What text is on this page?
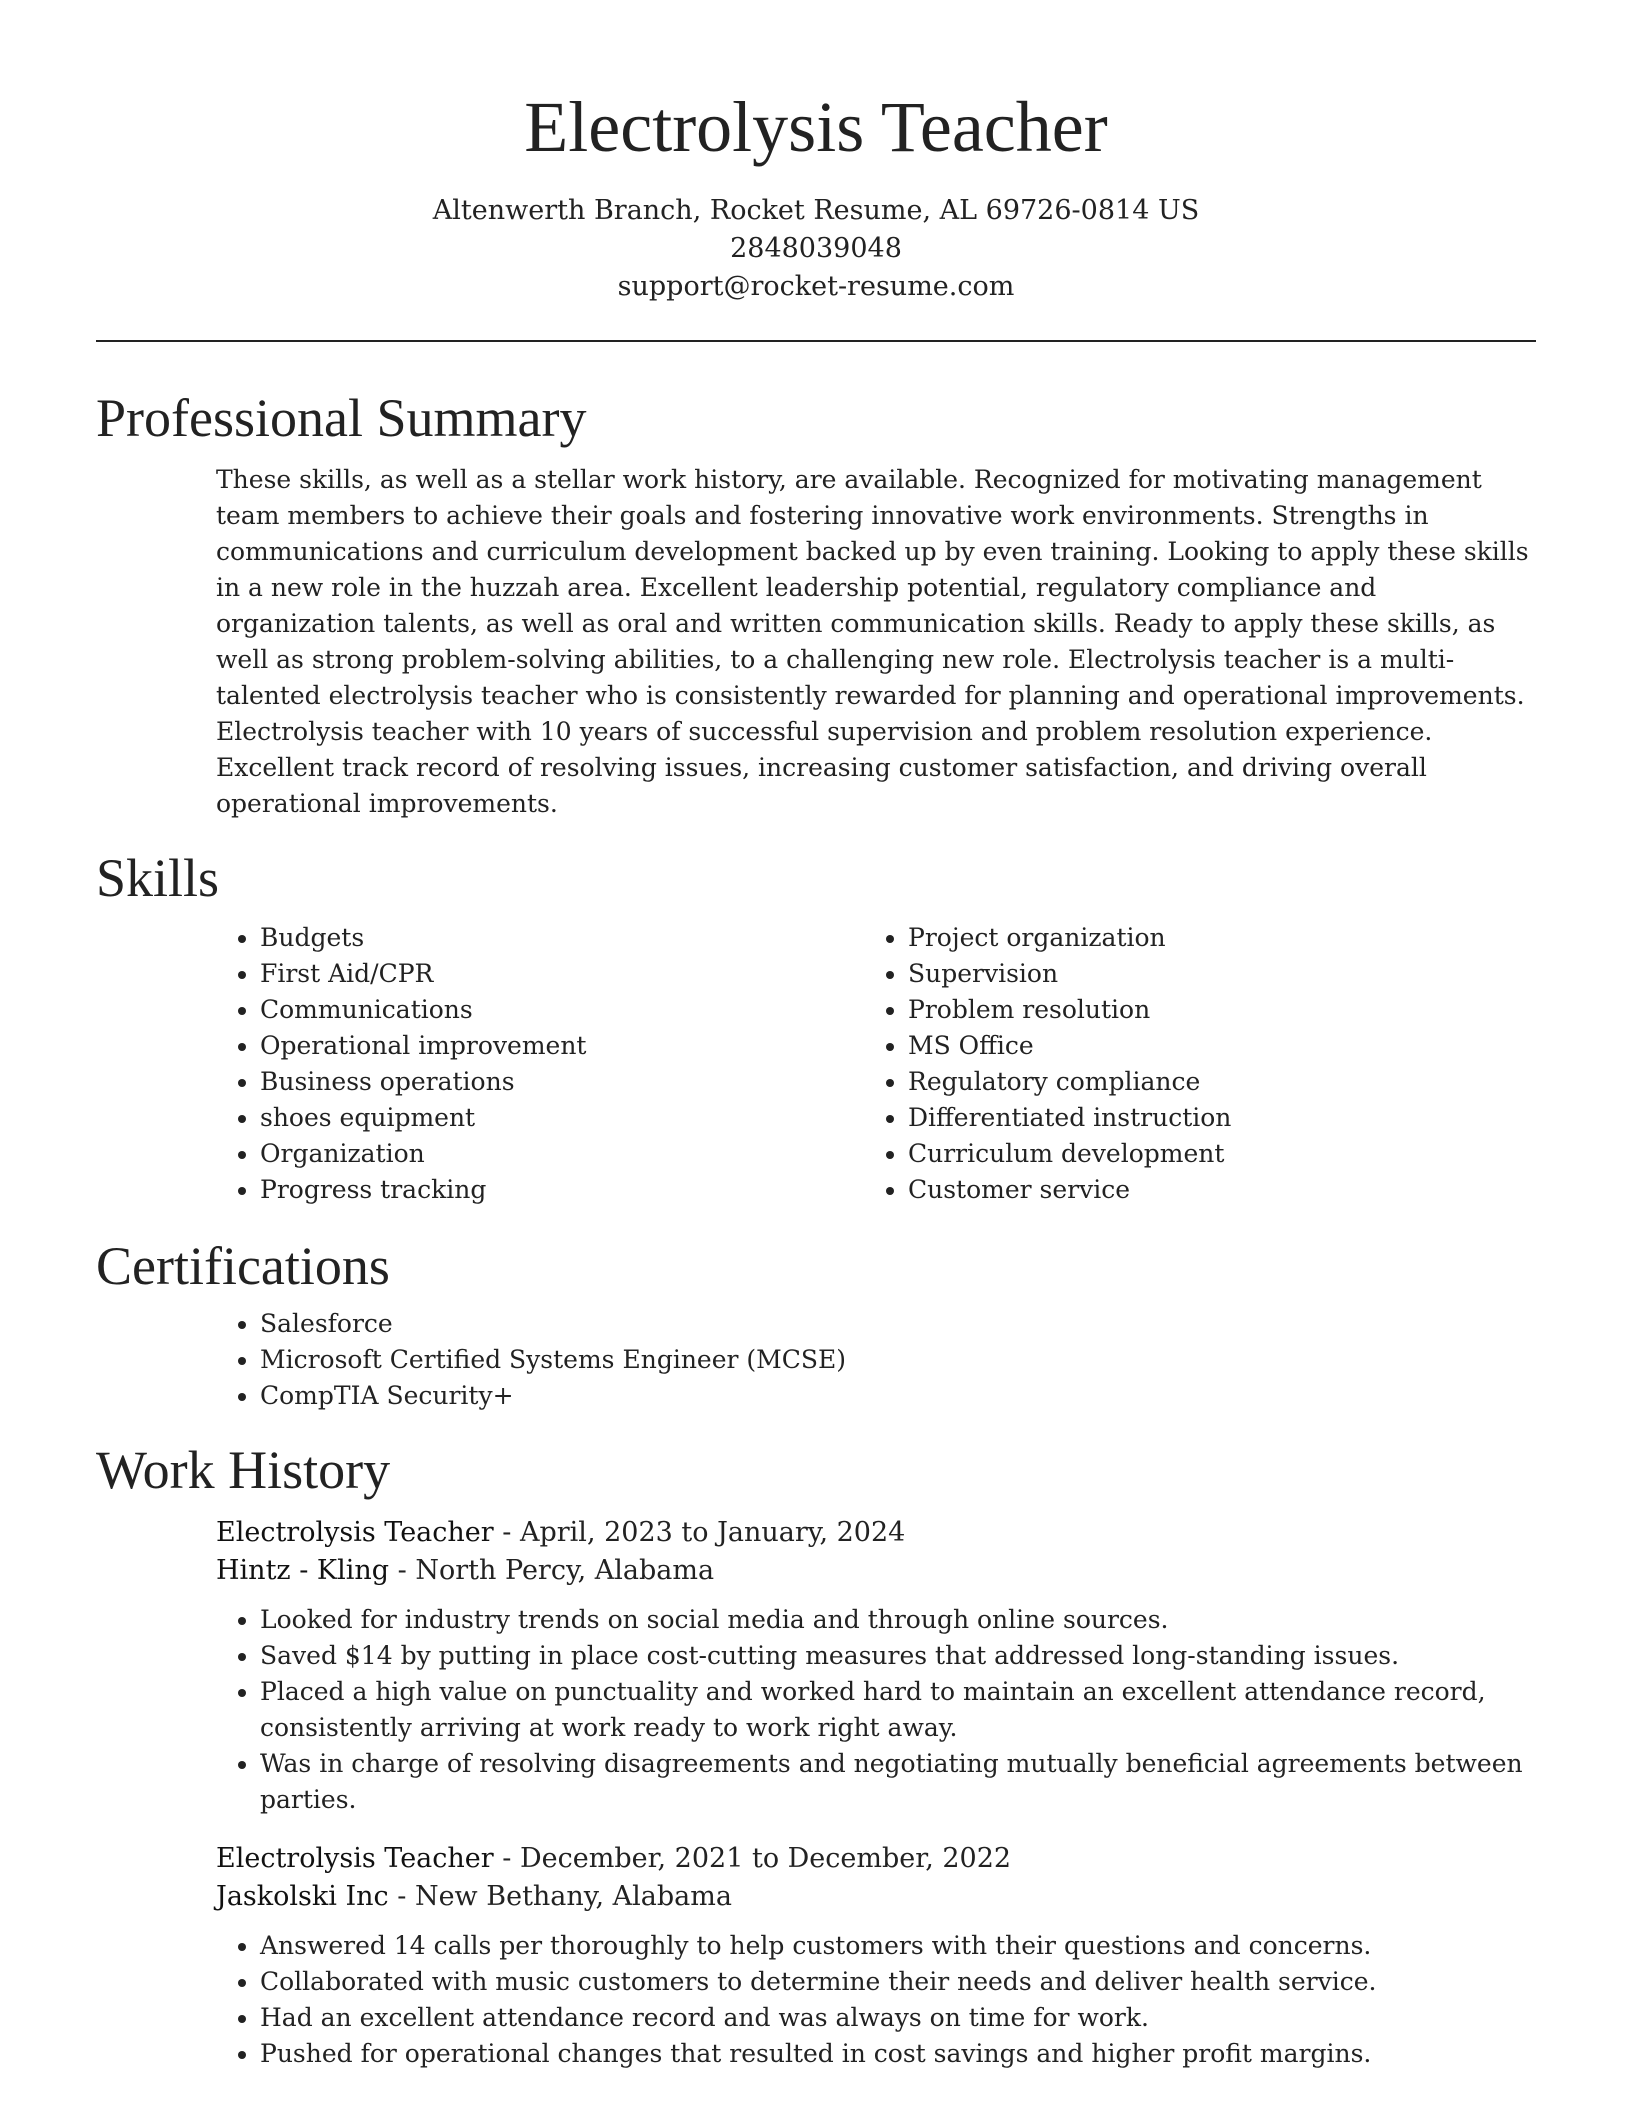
Electrolysis Teacher
Altenwerth Branch, Rocket Resume, AL 69726-0814 US
2848039048
support@rocket-resume.com
Professional Summary
These skills, as well as a stellar work history, are available. Recognized for motivating management team members to achieve their goals and fostering innovative work environments. Strengths in communications and curriculum development backed up by even training. Looking to apply these skills in a new role in the huzzah area. Excellent leadership potential, regulatory compliance and organization talents, as well as oral and written communication skills. Ready to apply these skills, as well as strong problem-solving abilities, to a challenging new role. Electrolysis teacher is a multi-talented electrolysis teacher who is consistently rewarded for planning and operational improvements. Electrolysis teacher with 10 years of successful supervision and problem resolution experience. Excellent track record of resolving issues, increasing customer satisfaction, and driving overall operational improvements.
Skills
• Budgets
• First Aid/CPR
• Communications
• Operational improvement
• Business operations
• shoes equipment
• Organization
• Progress tracking
• Project organization
• Supervision
• Problem resolution
• MS Office
• Regulatory compliance
• Differentiated instruction
• Curriculum development
• Customer service
Certifications
• Salesforce
• Microsoft Certified Systems Engineer (MCSE)
• CompTIA Security+
Work History
Electrolysis Teacher - April, 2023 to January, 2024
Hintz - Kling - North Percy, Alabama
• Looked for industry trends on social media and through online sources.
• Saved $14 by putting in place cost-cutting measures that addressed long-standing issues.
• Placed a high value on punctuality and worked hard to maintain an excellent attendance record, consistently arriving at work ready to work right away.
• Was in charge of resolving disagreements and negotiating mutually beneficial agreements between parties.
Electrolysis Teacher - December, 2021 to December, 2022
Jaskolski Inc - New Bethany, Alabama
• Answered 14 calls per thoroughly to help customers with their questions and concerns.
• Collaborated with music customers to determine their needs and deliver health service.
• Had an excellent attendance record and was always on time for work.
• Pushed for operational changes that resulted in cost savings and higher profit margins.
